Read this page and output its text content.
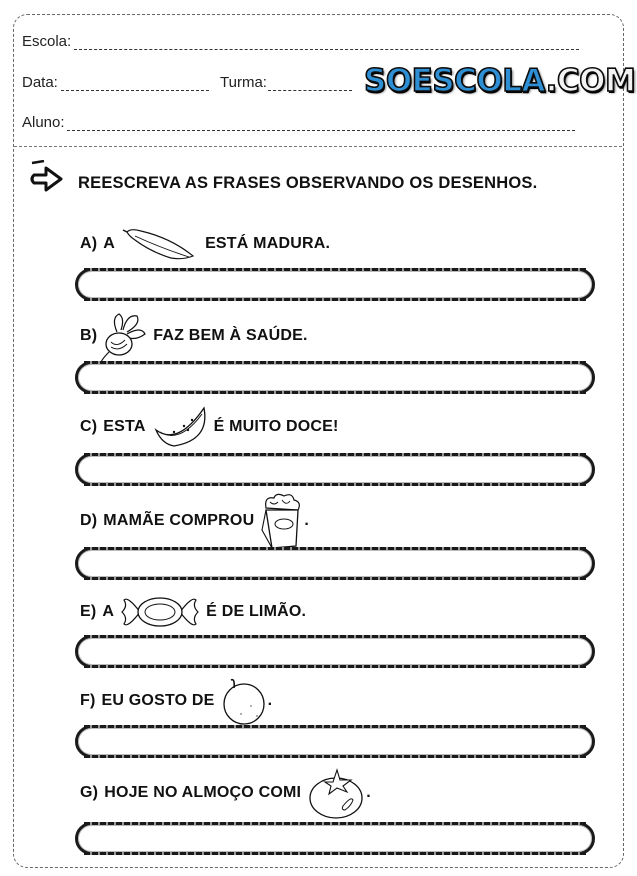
Escola:
Data:	Turma:
Aluno:
SOESCOLA.COM
REESCREVA AS FRASES OBSERVANDO OS DESENHOS.
A) A	ESTÁ MADURA.
B)	FAZ BEM À SAÚDE.
C) ESTA	É MUITO DOCE!
D) MAMÃE COMPROU	.
E) A	É DE LIMÃO.
F) EU GOSTO DE	.
G) HOJE NO ALMOÇO COMI	.
